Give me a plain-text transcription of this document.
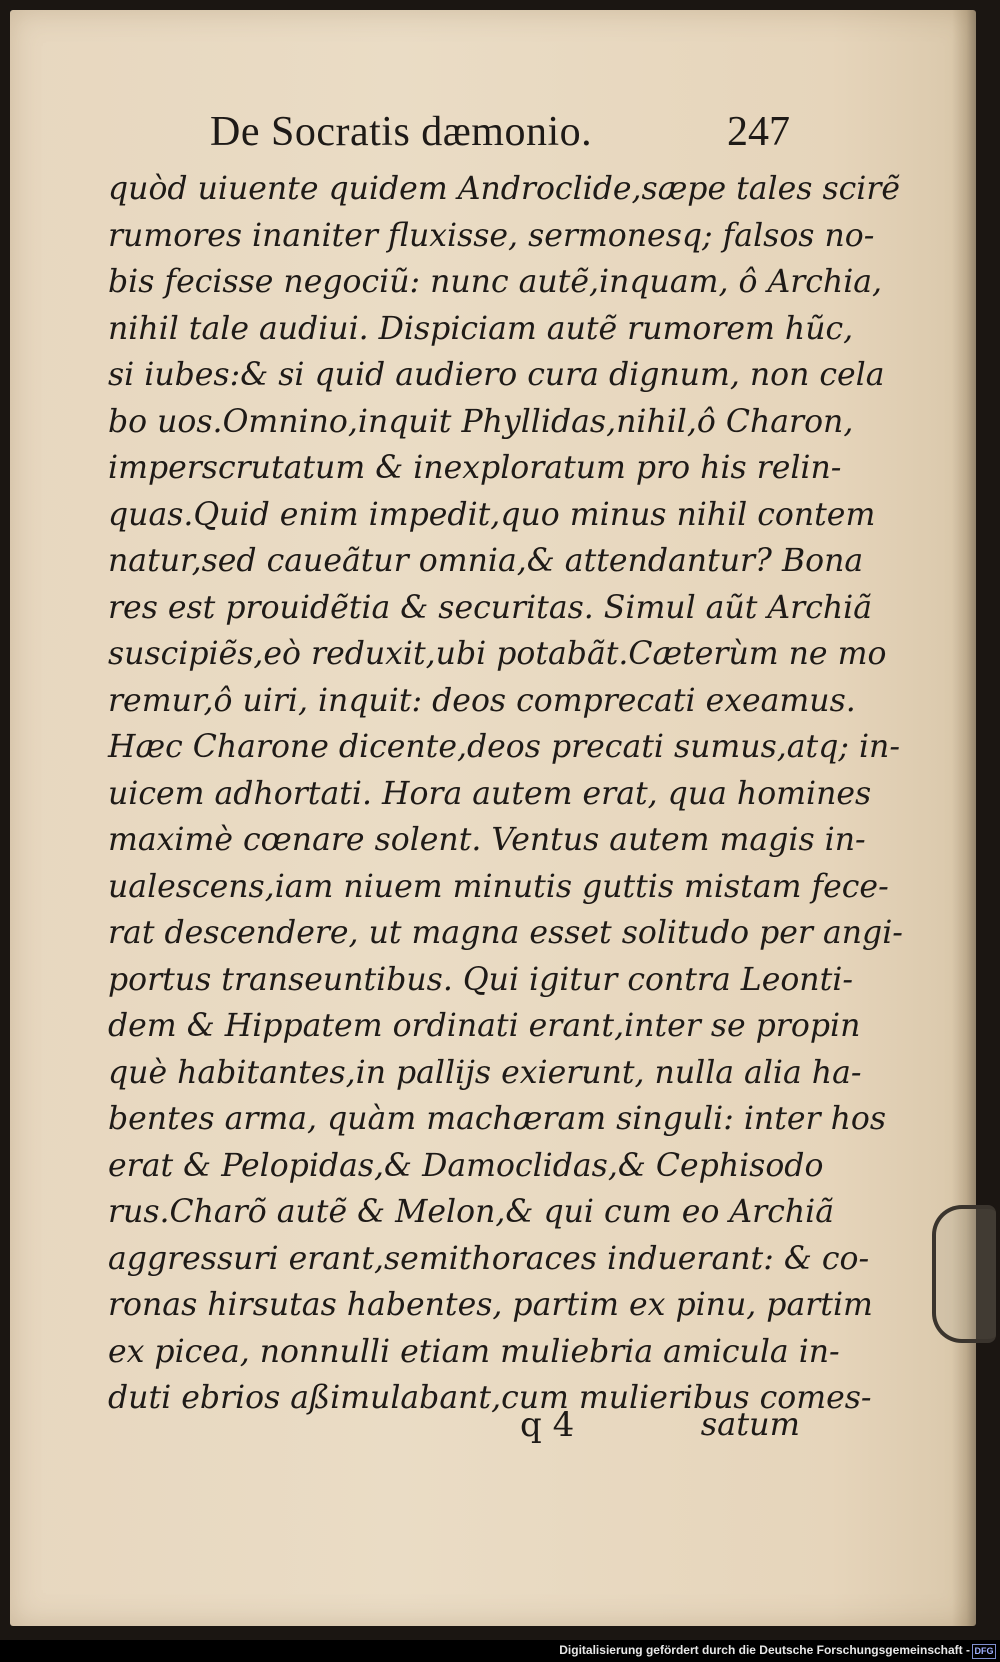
De Socratis dæmonio.	247
quòd uiuente quidem Androclide,sæpe tales scirẽ
rumores inaniter fluxisse, sermonesq; falsos no-
bis fecisse negociũ: nunc autẽ,inquam, ô Archia,
nihil tale audiui. Dispiciam autẽ rumorem hũc,
si iubes:& si quid audiero cura dignum, non cela
bo uos.Omnino,inquit Phyllidas,nihil,ô Charon,
imperscrutatum & inexploratum pro his relin-
quas.Quid enim impedit,quo minus nihil contem
natur,sed caueãtur omnia,& attendantur? Bona
res est prouidẽtia & securitas. Simul aũt Archiã
suscipiẽs,eò reduxit,ubi potabãt.Cæterùm ne mo
remur,ô uiri, inquit: deos comprecati exeamus.
Hæc Charone dicente,deos precati sumus,atq; in-
uicem adhortati. Hora autem erat, qua homines
maximè cœnare solent. Ventus autem magis in-
ualescens,iam niuem minutis guttis mistam fece-
rat descendere, ut magna esset solitudo per angi-
portus transeuntibus. Qui igitur contra Leonti-
dem & Hippatem ordinati erant,inter se propin
què habitantes,in pallijs exierunt, nulla alia ha-
bentes arma, quàm machæram singuli: inter hos
erat & Pelopidas,& Damoclidas,& Cephisodo
rus.Charõ autẽ & Melon,& qui cum eo Archiã
aggressuri erant,semithoraces induerant: & co-
ronas hirsutas habentes, partim ex pinu, partim
ex picea, nonnulli etiam muliebria amicula in-
duti ebrios aßimulabant,cum mulieribus comes-
q 4	satum
Digitalisierung gefördert durch die Deutsche Forschungsgemeinschaft - DFG
